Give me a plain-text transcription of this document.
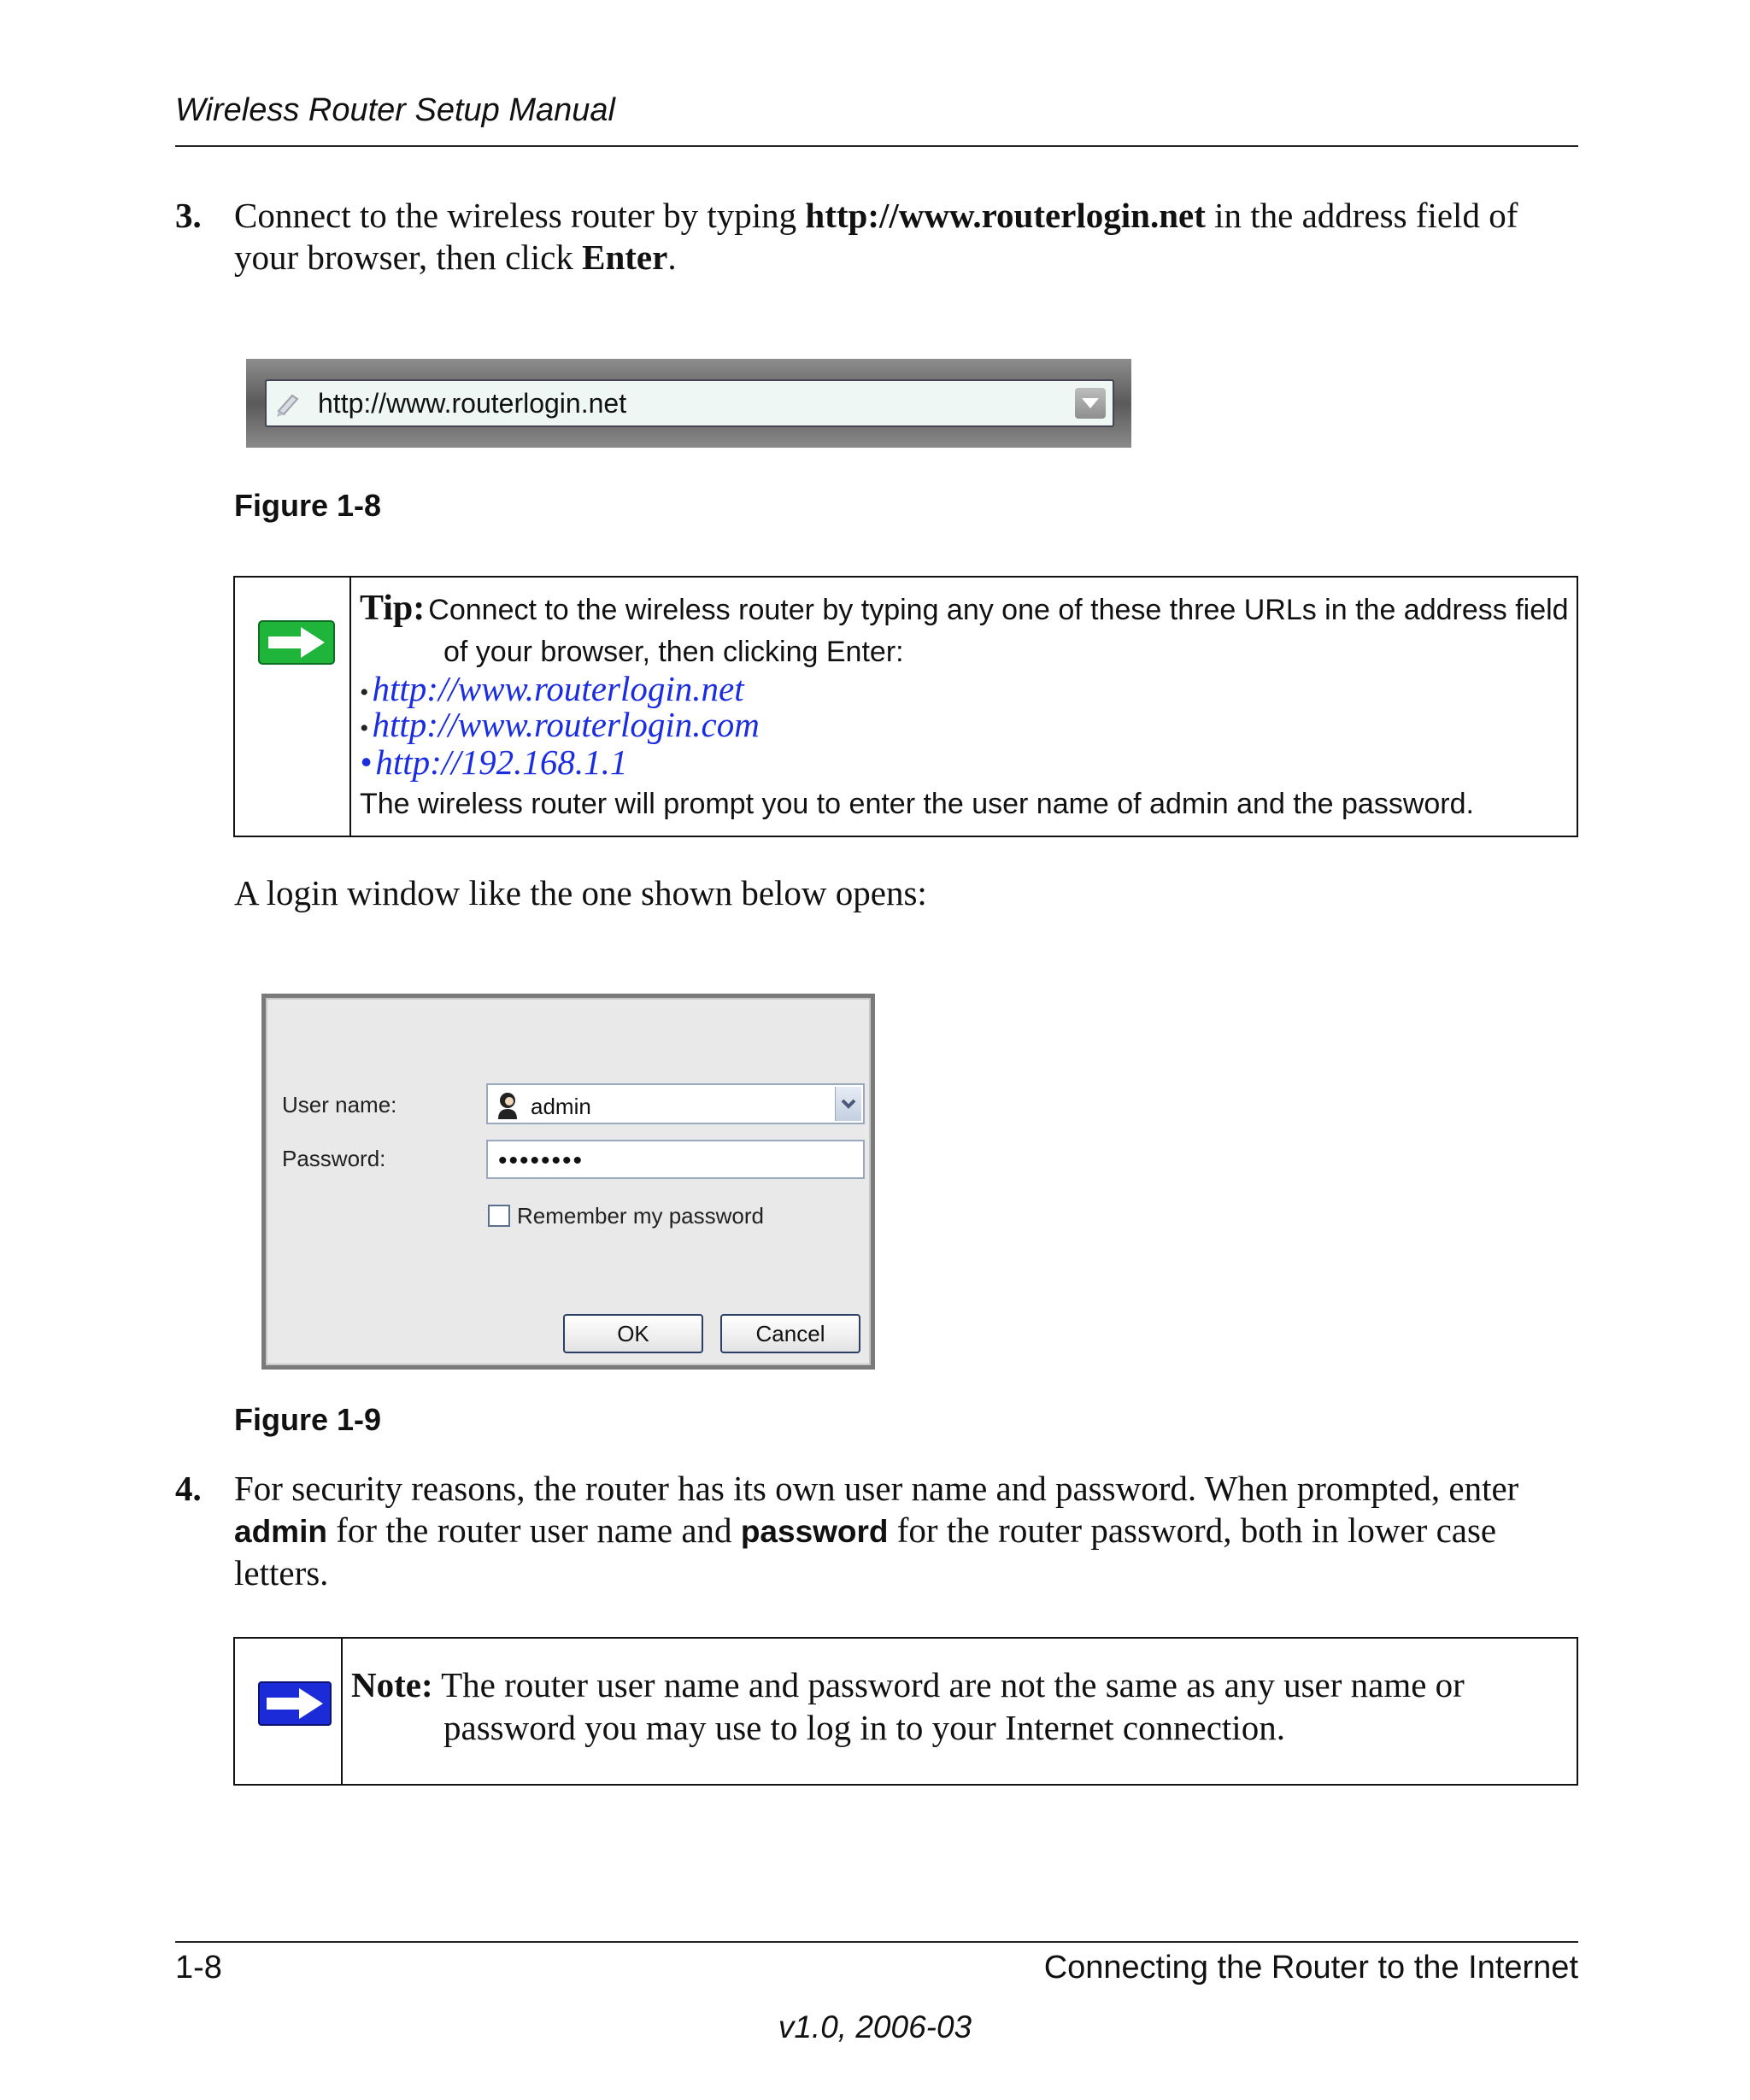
Wireless Router Setup Manual
3. Connect to the wireless router by typing http://www.routerlogin.net in the address field of
your browser, then click Enter.
http://www.routerlogin.net
Figure 1-8
Tip: Connect to the wireless router by typing any one of these three URLs in the address field
of your browser, then clicking Enter:
• http://www.routerlogin.net
• http://www.routerlogin.com
• http://192.168.1.1
The wireless router will prompt you to enter the user name of admin and the password.
A login window like the one shown below opens:
User name:	admin
Password:	••••••••
Remember my password
OK	Cancel
Figure 1-9
4. For security reasons, the router has its own user name and password. When prompted, enter
admin for the router user name and password for the router password, both in lower case
letters.
Note: The router user name and password are not the same as any user name or
password you may use to log in to your Internet connection.
1-8	Connecting the Router to the Internet
v1.0, 2006-03
